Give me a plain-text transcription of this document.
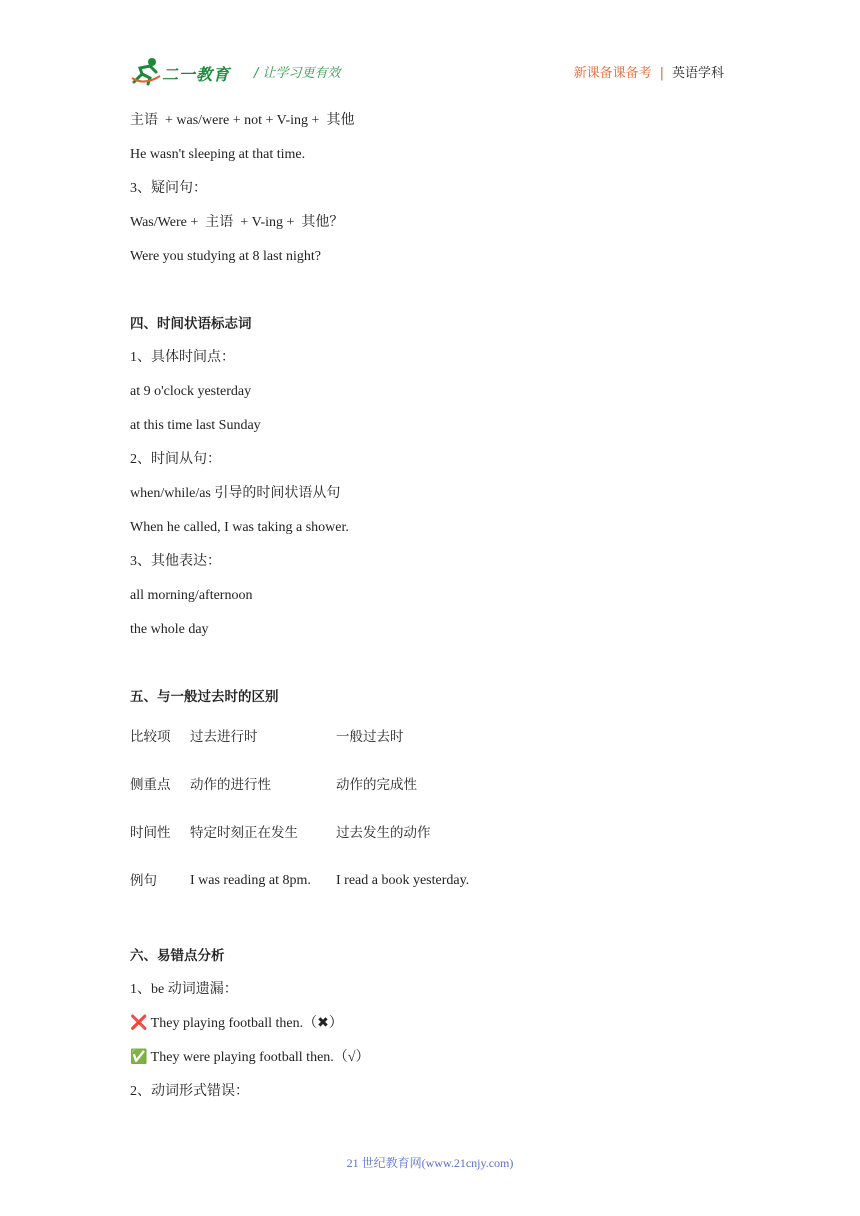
二一教育 / 让学习更有效	新课备课备考 | 英语学科
主语  + was/were + not + V-ing +  其他
He wasn't sleeping at that time.
3、疑问句：
Was/Were +  主语  + V-ing +  其他？
Were you studying at 8 last night?
四、时间状语标志词
1、具体时间点：
at 9 o'clock yesterday
at this time last Sunday
2、时间从句：
when/while/as 引导的时间状语从句
When he called, I was taking a shower.
3、其他表达：
all morning/afternoon
the whole day
五、与一般过去时的区别
比较项 过去进行时	一般过去时
侧重点 动作的进行性	动作的完成性
时间性 特定时刻正在发生	过去发生的动作
例句 I was reading at 8pm. I read a book yesterday.
六、易错点分析
1、be 动词遗漏：
❌ They playing football then.（✖）
✅ They were playing football then.（√）
2、动词形式错误：
21 世纪教育网(www.21cnjy.com)
